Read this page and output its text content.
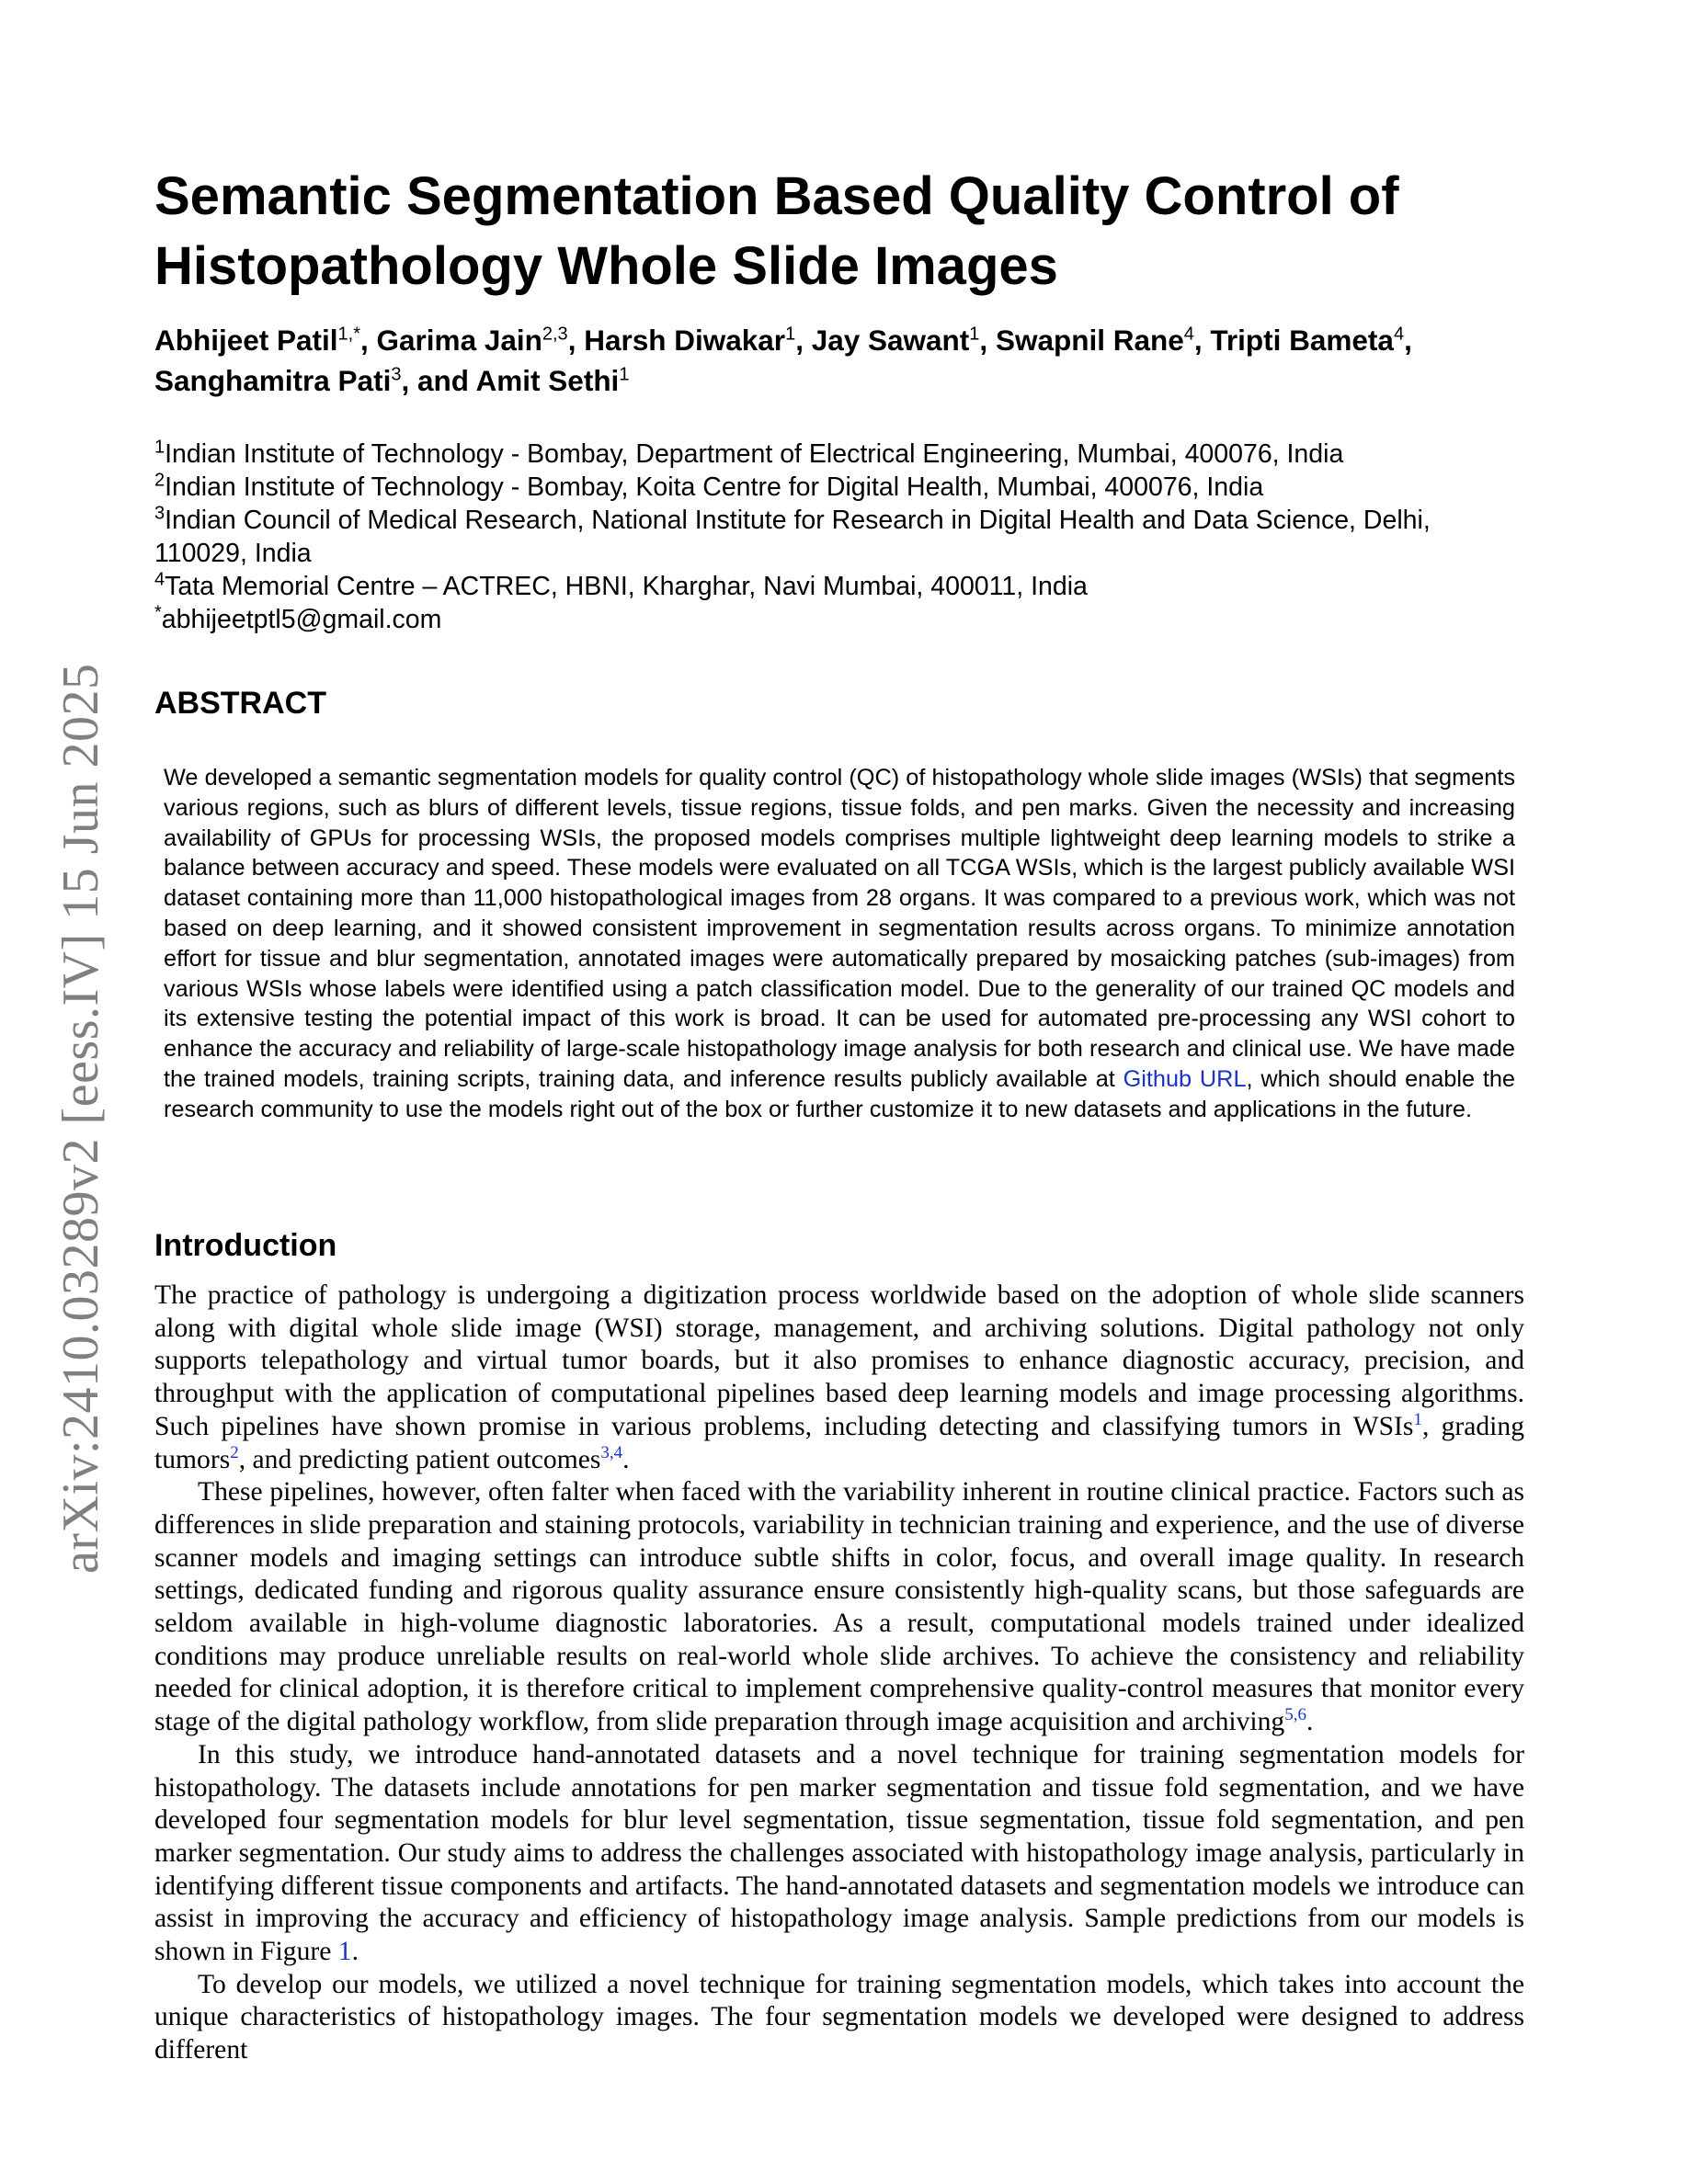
arXiv:2410.03289v2 [eess.IV] 15 Jun 2025
Semantic Segmentation Based Quality Control of Histopathology Whole Slide Images
Abhijeet Patil$^{1,*}$, Garima Jain$^{2,3}$, Harsh Diwakar$^1$, Jay Sawant$^1$, Swapnil Rane$^4$, Tripti Bameta$^4$, Sanghamitra Pati$^3$, and Amit Sethi$^1$
$^1$Indian Institute of Technology - Bombay, Department of Electrical Engineering, Mumbai, 400076, India
$^2$Indian Institute of Technology - Bombay, Koita Centre for Digital Health, Mumbai, 400076, India
$^3$Indian Council of Medical Research, National Institute for Research in Digital Health and Data Science, Delhi, 110029, India
$^4$Tata Memorial Centre – ACTREC, HBNI, Kharghar, Navi Mumbai, 400011, India
*abhijeetptl5@gmail.com
ABSTRACT

We developed a semantic segmentation models for quality control (QC) of histopathology whole slide images (WSIs) that segments various regions, such as blurs of different levels, tissue regions, tissue folds, and pen marks. Given the necessity and increasing availability of GPUs for processing WSIs, the proposed models comprises multiple lightweight deep learning models to strike a balance between accuracy and speed. These models were evaluated on all TCGA WSIs, which is the largest publicly available WSI dataset containing more than 11,000 histopathological images from 28 organs. It was compared to a previous work, which was not based on deep learning, and it showed consistent improvement in segmentation results across organs. To minimize annotation effort for tissue and blur segmentation, annotated images were automatically prepared by mosaicking patches (sub-images) from various WSIs whose labels were identified using a patch classification model. Due to the generality of our trained QC models and its extensive testing the potential impact of this work is broad. It can be used for automated pre-processing any WSI cohort to enhance the accuracy and reliability of large-scale histopathology image analysis for both research and clinical use. We have made the trained models, training scripts, training data, and inference results publicly available at Github URL, which should enable the research community to use the models right out of the box or further customize it to new datasets and applications in the future.

Introduction

The practice of pathology is undergoing a digitization process worldwide based on the adoption of whole slide scanners along with digital whole slide image (WSI) storage, management, and archiving solutions. Digital pathology not only supports telepathology and virtual tumor boards, but it also promises to enhance diagnostic accuracy, precision, and throughput with the application of computational pipelines based deep learning models and image processing algorithms. Such pipelines have shown promise in various problems, including detecting and classifying tumors in WSIs$^1$, grading tumors$^2$, and predicting patient outcomes$^{3,4}$.

These pipelines, however, often falter when faced with the variability inherent in routine clinical practice. Factors such as differences in slide preparation and staining protocols, variability in technician training and experience, and the use of diverse scanner models and imaging settings can introduce subtle shifts in color, focus, and overall image quality. In research settings, dedicated funding and rigorous quality assurance ensure consistently high-quality scans, but those safeguards are seldom available in high-volume diagnostic laboratories. As a result, computational models trained under idealized conditions may produce unreliable results on real-world whole slide archives. To achieve the consistency and reliability needed for clinical adoption, it is therefore critical to implement comprehensive quality-control measures that monitor every stage of the digital pathology workflow, from slide preparation through image acquisition and archiving$^{5,6}$.

In this study, we introduce hand-annotated datasets and a novel technique for training segmentation models for histopathology. The datasets include annotations for pen marker segmentation and tissue fold segmentation, and we have developed four segmentation models for blur level segmentation, tissue segmentation, tissue fold segmentation, and pen marker segmentation. Our study aims to address the challenges associated with histopathology image analysis, particularly in identifying different tissue components and artifacts. The hand-annotated datasets and segmentation models we introduce can assist in improving the accuracy and efficiency of histopathology image analysis. Sample predictions from our models is shown in Figure 1.

To develop our models, we utilized a novel technique for training segmentation models, which takes into account the unique characteristics of histopathology images. The four segmentation models we developed were designed to address different
